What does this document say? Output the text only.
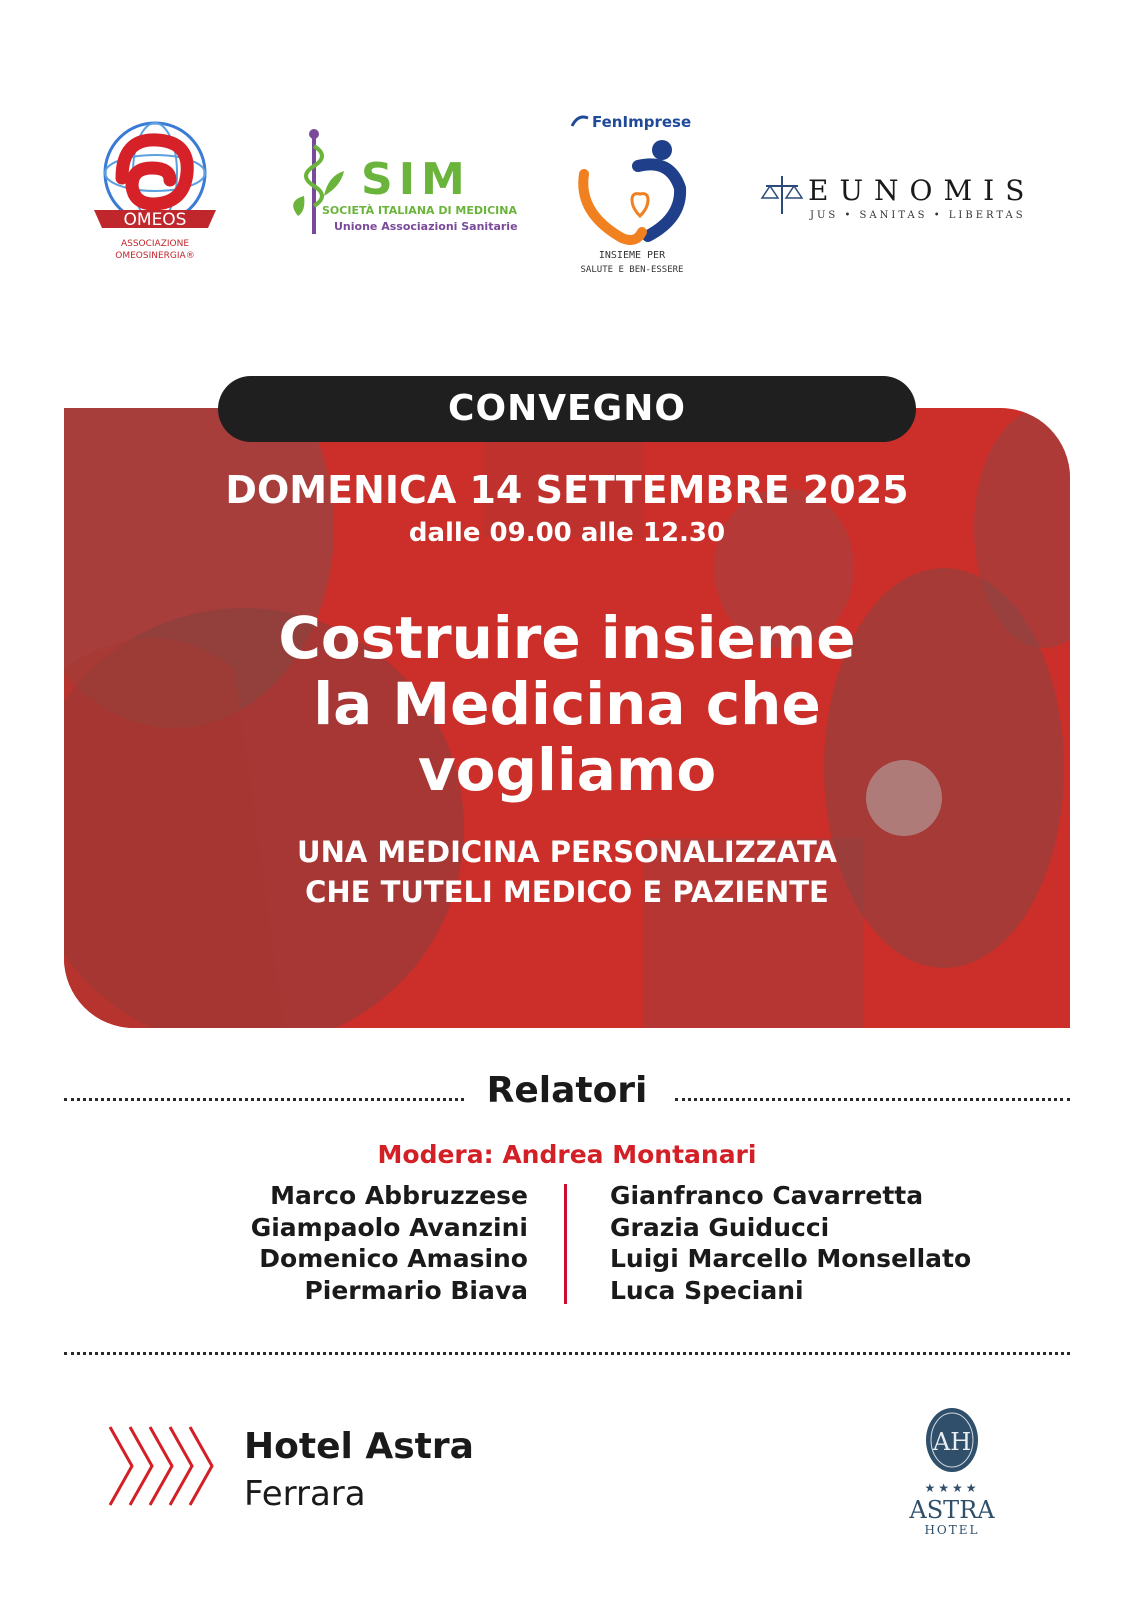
OMEOS
ASSOCIAZIONE
OMEOSINERGIA®
SIM
SOCIETÀ ITALIANA DI MEDICINA
Unione Associazioni Sanitarie
FenImprese
INSIEME PER
SALUTE E BEN-ESSERE
EUNOMIS
JUS • SANITAS • LIBERTAS
CONVEGNO
DOMENICA 14 SETTEMBRE 2025
dalle 09.00 alle 12.30
Costruire insieme
la Medicina che
vogliamo
UNA MEDICINA PERSONALIZZATA
CHE TUTELI MEDICO E PAZIENTE
Relatori
Modera: Andrea Montanari
Marco Abbruzzese
Giampaolo Avanzini
Domenico Amasino
Piermario Biava
Gianfranco Cavarretta
Grazia Guiducci
Luigi Marcello Monsellato
Luca Speciani
Hotel Astra
Ferrara
AH
★★★★
ASTRA
HOTEL
